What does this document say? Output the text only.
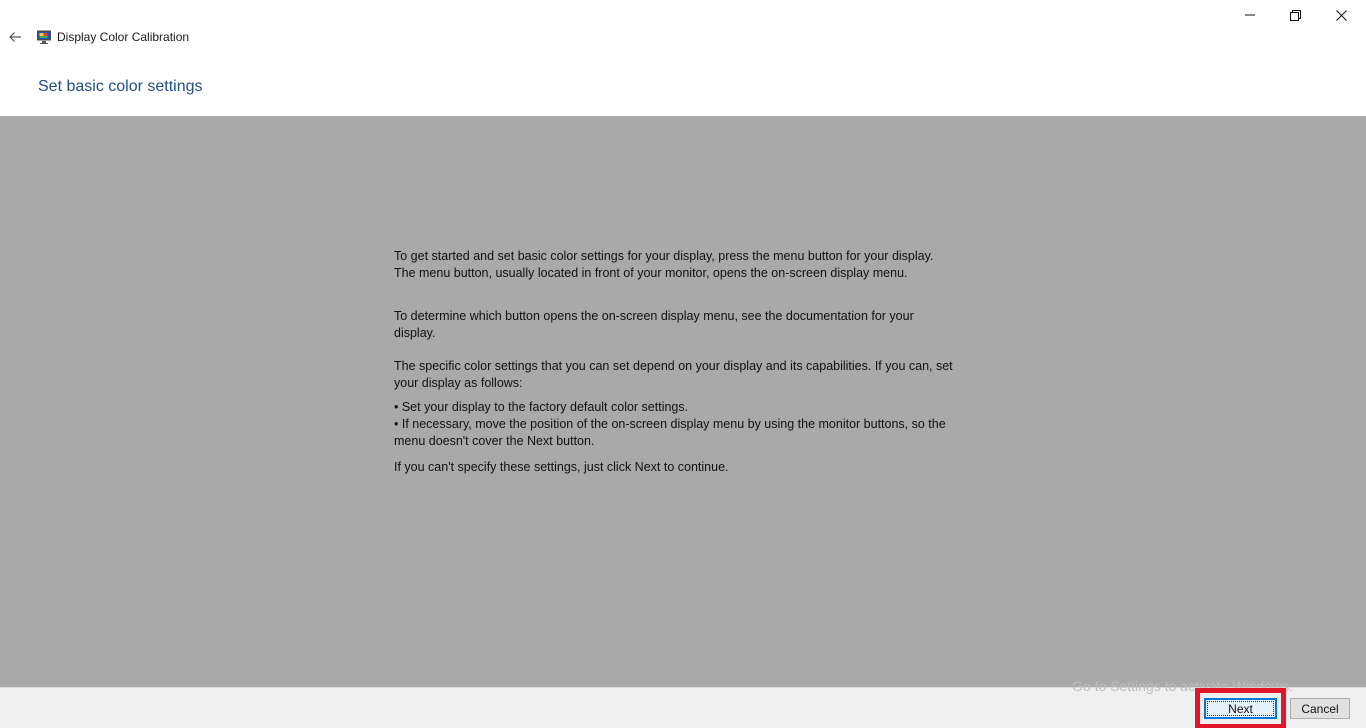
Display Color Calibration
Set basic color settings

To get started and set basic color settings for your display, press the menu button for your display. The menu button, usually located in front of your monitor, opens the on-screen display menu.

To determine which button opens the on-screen display menu, see the documentation for your display.

The specific color settings that you can set depend on your display and its capabilities. If you can, set your display as follows:

• Set your display to the factory default color settings.
• If necessary, move the position of the on-screen display menu by using the monitor buttons, so the menu doesn't cover the Next button.

If you can't specify these settings, just click Next to continue.

Go to Settings to activate Windows.
Next	Cancel
